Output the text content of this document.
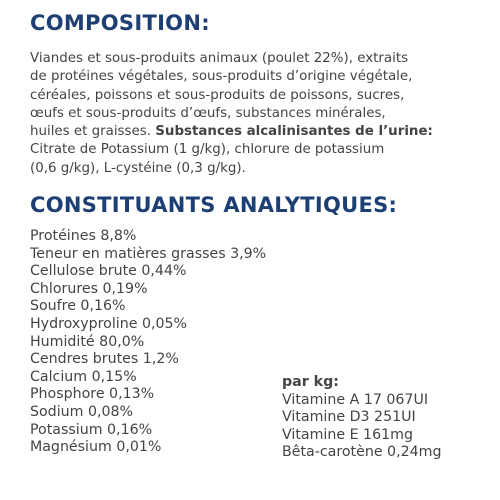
COMPOSITION:

Viandes et sous-produits animaux (poulet 22%), extraits
de protéines végétales, sous-produits d’origine végétale,
céréales, poissons et sous-produits de poissons, sucres,
œufs et sous-produits d’œufs, substances minérales,
huiles et graisses. Substances alcalinisantes de l’urine:
Citrate de Potassium (1 g/kg), chlorure de potassium
(0,6 g/kg), L-cystéine (0,3 g/kg).

CONSTITUANTS ANALYTIQUES:
Protéines 8,8%
Teneur en matières grasses 3,9%
Cellulose brute 0,44%
Chlorures 0,19%
Soufre 0,16%
Hydroxyproline 0,05%
Humidité 80,0%
Cendres brutes 1,2%
Calcium 0,15%
Phosphore 0,13%
Sodium 0,08%
Potassium 0,16%
Magnésium 0,01%
par kg:
Vitamine A 17 067UI
Vitamine D3 251UI
Vitamine E 161mg
Bêta-carotène 0,24mg
